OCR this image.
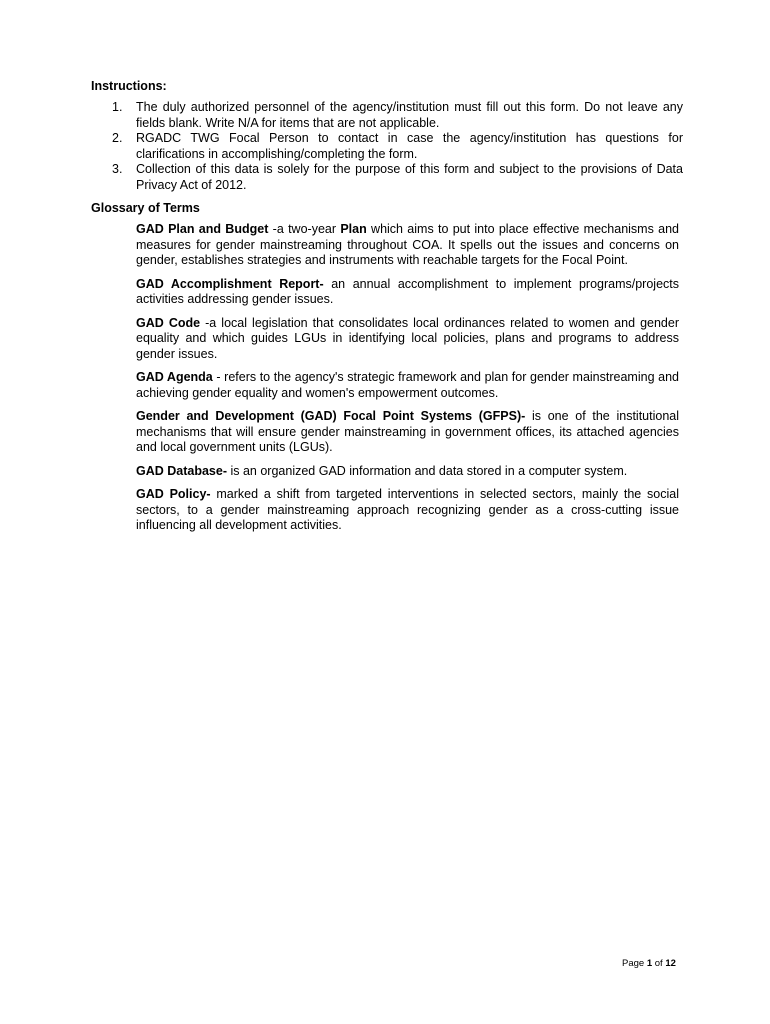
Instructions:
1. The duly authorized personnel of the agency/institution must fill out this form. Do not leave any fields blank. Write N/A for items that are not applicable.
2. RGADC TWG Focal Person to contact in case the agency/institution has questions for clarifications in accomplishing/completing the form.
3. Collection of this data is solely for the purpose of this form and subject to the provisions of Data Privacy Act of 2012.
Glossary of Terms

GAD Plan and Budget -a two-year Plan which aims to put into place effective mechanisms and measures for gender mainstreaming throughout COA. It spells out the issues and concerns on gender, establishes strategies and instruments with reachable targets for the Focal Point.

GAD Accomplishment Report- an annual accomplishment to implement programs/projects activities addressing gender issues.

GAD Code -a local legislation that consolidates local ordinances related to women and gender equality and which guides LGUs in identifying local policies, plans and programs to address gender issues.

GAD Agenda - refers to the agency's strategic framework and plan for gender mainstreaming and achieving gender equality and women's empowerment outcomes.

Gender and Development (GAD) Focal Point Systems (GFPS)- is one of the institutional mechanisms that will ensure gender mainstreaming in government offices, its attached agencies and local government units (LGUs).

GAD Database- is an organized GAD information and data stored in a computer system.

GAD Policy- marked a shift from targeted interventions in selected sectors, mainly the social sectors, to a gender mainstreaming approach recognizing gender as a cross-cutting issue influencing all development activities.

Page 1 of 12
